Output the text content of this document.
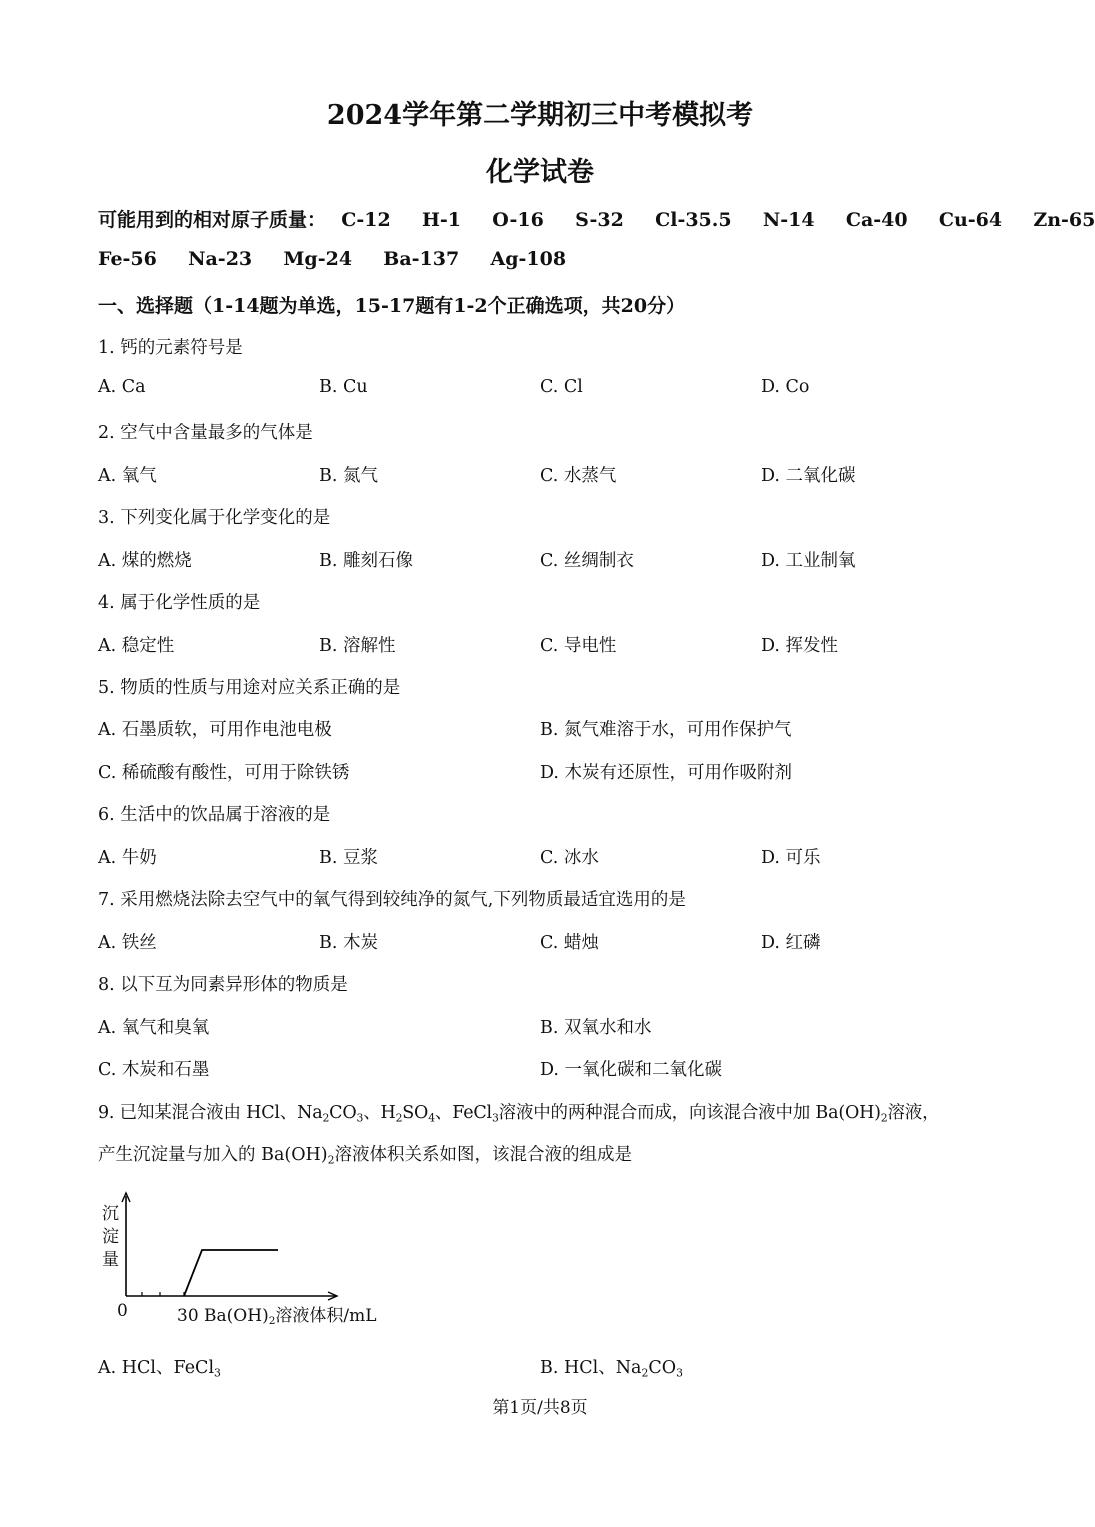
2024学年第二学期初三中考模拟考
化学试卷
可能用到的相对原子质量： C-12 H-1 O-16 S-32 Cl-35.5 N-14 Ca-40 Cu-64 Zn-65
Fe-56 Na-23 Mg-24 Ba-137 Ag-108
一、选择题（1-14题为单选，15-17题有1-2个正确选项，共20分）
1. 钙的元素符号是
A. Ca	B. Cu	C. Cl	D. Co
2. 空气中含量最多的气体是
A. 氧气	B. 氮气	C. 水蒸气	D. 二氧化碳
3. 下列变化属于化学变化的是
A. 煤的燃烧	B. 雕刻石像	C. 丝绸制衣	D. 工业制氧
4. 属于化学性质的是
A. 稳定性	B. 溶解性	C. 导电性	D. 挥发性
5. 物质的性质与用途对应关系正确的是
A. 石墨质软，可用作电池电极	B. 氮气难溶于水，可用作保护气
C. 稀硫酸有酸性，可用于除铁锈	D. 木炭有还原性，可用作吸附剂
6. 生活中的饮品属于溶液的是
A. 牛奶	B. 豆浆	C. 冰水	D. 可乐
7. 采用燃烧法除去空气中的氧气得到较纯净的氮气,下列物质最适宜选用的是
A. 铁丝	B. 木炭	C. 蜡烛	D. 红磷
8. 以下互为同素异形体的物质是
A. 氧气和臭氧	B. 双氧水和水
C. 木炭和石墨	D. 一氧化碳和二氧化碳
9. 已知某混合液由 HCl、$Na_2CO_3$、$H_2SO_4$、FeCl$_3$溶液中的两种混合而成，向该混合液中加 $Ba(OH)_2$溶液，
产生沉淀量与加入的 $Ba(OH)_2$溶液体积关系如图，该混合液的组成是
沉
淀
量
0	30 $Ba(OH)_2$溶液体积/mL
A. HCl、FeCl$_3$	B. HCl、$Na_2CO_3$
第1页/共8页
